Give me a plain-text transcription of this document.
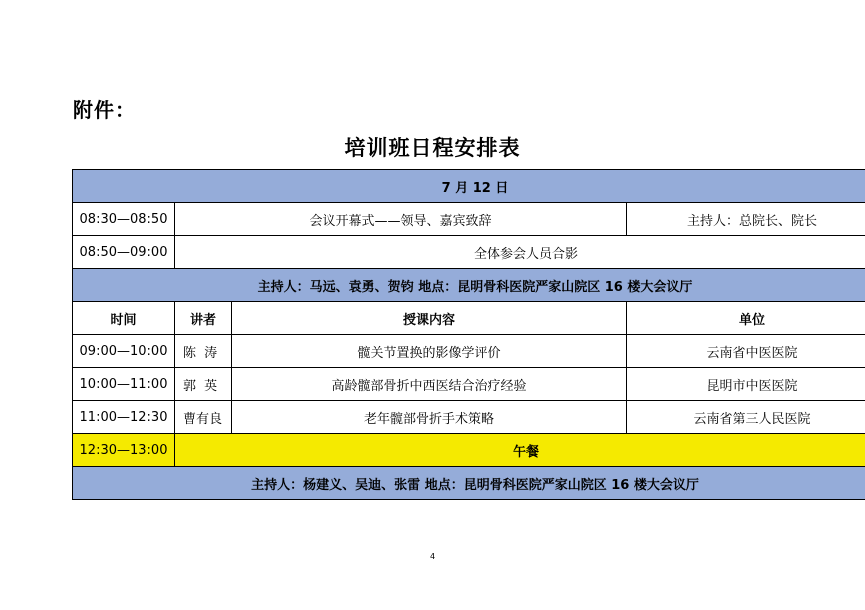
附件：
培训班日程安排表
7 月 12 日			
08:30—08:50	会议开幕式——领导、嘉宾致辞		主持人：总院长、院长
08:50—09:00	全体参会人员合影		
主持人：马远、袁勇、贺钧 地点：昆明骨科医院严家山院区 16 楼大会议厅			
时间	讲者	授课内容	单位
09:00—10:00	陈 涛	髋关节置换的影像学评价	云南省中医医院
10:00—11:00	郭 英	高龄髋部骨折中西医结合治疗经验	昆明市中医医院
11:00—12:30	曹有良	老年髋部骨折手术策略	云南省第三人民医院
12:30—13:00	午餐		
主持人：杨建义、吴迪、张雷 地点：昆明骨科医院严家山院区 16 楼大会议厅			
4
